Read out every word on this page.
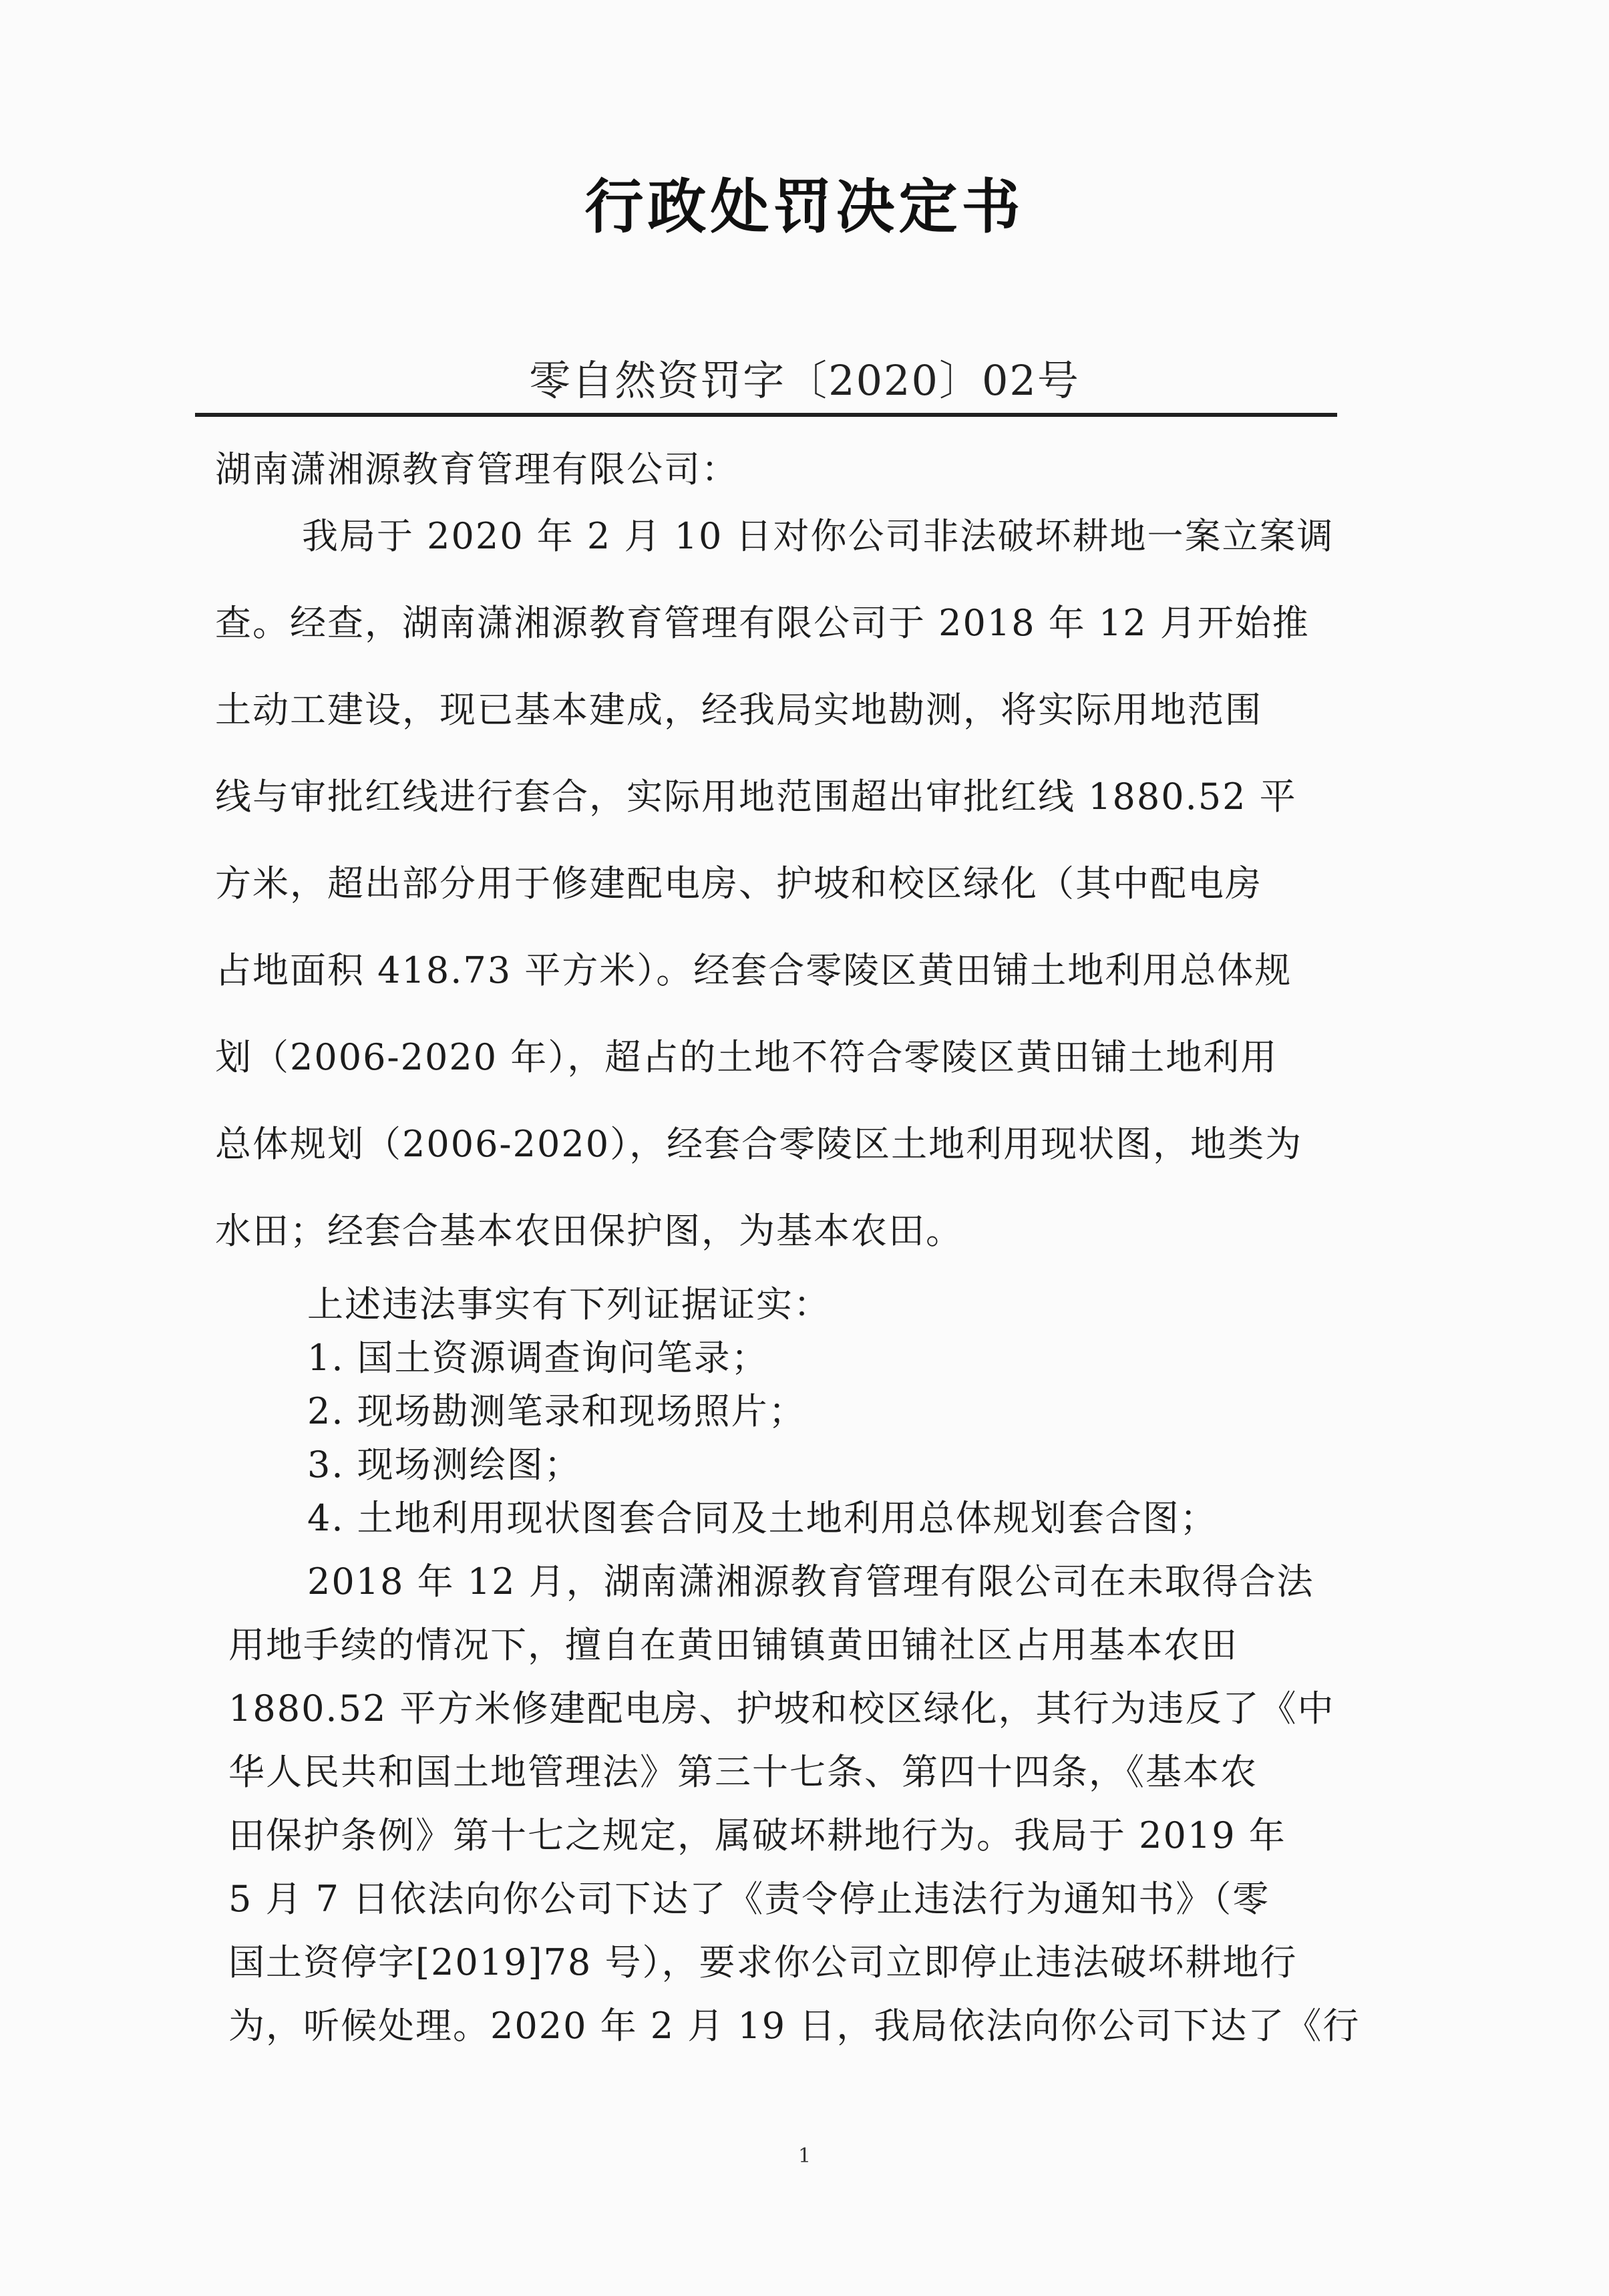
行政处罚决定书
零自然资罚字〔2020〕02号
湖南潇湘源教育管理有限公司：
我局于 2020 年 2 月 10 日对你公司非法破坏耕地一案立案调
查。经查，湖南潇湘源教育管理有限公司于 2018 年 12 月开始推
土动工建设，现已基本建成，经我局实地勘测，将实际用地范围
线与审批红线进行套合，实际用地范围超出审批红线 1880.52 平
方米，超出部分用于修建配电房、护坡和校区绿化（其中配电房
占地面积 418.73 平方米）。经套合零陵区黄田铺土地利用总体规
划（2006-2020 年），超占的土地不符合零陵区黄田铺土地利用
总体规划（2006-2020），经套合零陵区土地利用现状图，地类为
水田；经套合基本农田保护图，为基本农田。
上述违法事实有下列证据证实：
1. 国土资源调查询问笔录；
2. 现场勘测笔录和现场照片；
3. 现场测绘图；
4. 土地利用现状图套合同及土地利用总体规划套合图；
2018 年 12 月，湖南潇湘源教育管理有限公司在未取得合法
用地手续的情况下，擅自在黄田铺镇黄田铺社区占用基本农田
1880.52 平方米修建配电房、护坡和校区绿化，其行为违反了《中
华人民共和国土地管理法》第三十七条、第四十四条，《基本农
田保护条例》第十七之规定，属破坏耕地行为。我局于 2019 年
5 月 7 日依法向你公司下达了《责令停止违法行为通知书》（零
国土资停字[2019]78 号），要求你公司立即停止违法破坏耕地行
为，听候处理。2020 年 2 月 19 日，我局依法向你公司下达了《行
1
